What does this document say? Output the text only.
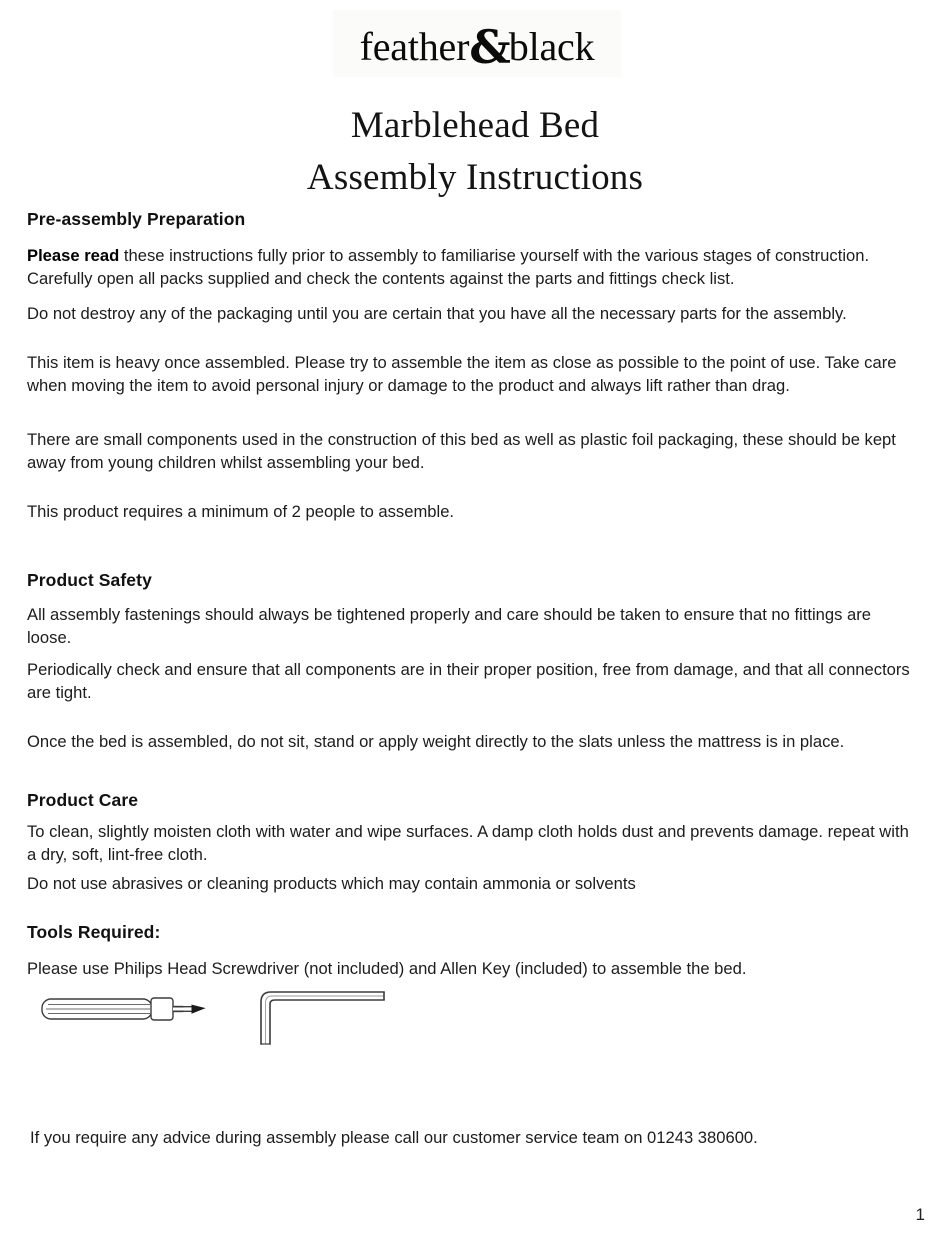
feather&black
Marblehead Bed
Assembly Instructions
Pre-assembly Preparation

Please read these instructions fully prior to assembly to familiarise yourself with the various stages of construction. Carefully open all packs supplied and check the contents against the parts and fittings check list.

Do not destroy any of the packaging until you are certain that you have all the necessary parts for the assembly.

This item is heavy once assembled. Please try to assemble the item as close as possible to the point of use. Take care when moving the item to avoid personal injury or damage to the product and always lift rather than drag.

There are small components used in the construction of this bed as well as plastic foil packaging, these should be kept away from young children whilst assembling your bed.

This product requires a minimum of 2 people to assemble.

Product Safety

All assembly fastenings should always be tightened properly and care should be taken to ensure that no fittings are loose.

Periodically check and ensure that all components are in their proper position, free from damage, and that all connectors are tight.

Once the bed is assembled, do not sit, stand or apply weight directly to the slats unless the mattress is in place.

Product Care

To clean, slightly moisten cloth with water and wipe surfaces. A damp cloth holds dust and prevents damage. repeat with a dry, soft, lint-free cloth.

Do not use abrasives or cleaning products which may contain ammonia or solvents

Tools Required:

Please use Philips Head Screwdriver (not included) and Allen Key (included) to assemble the bed.

If you require any advice during assembly please call our customer service team on 01243 380600.
1
